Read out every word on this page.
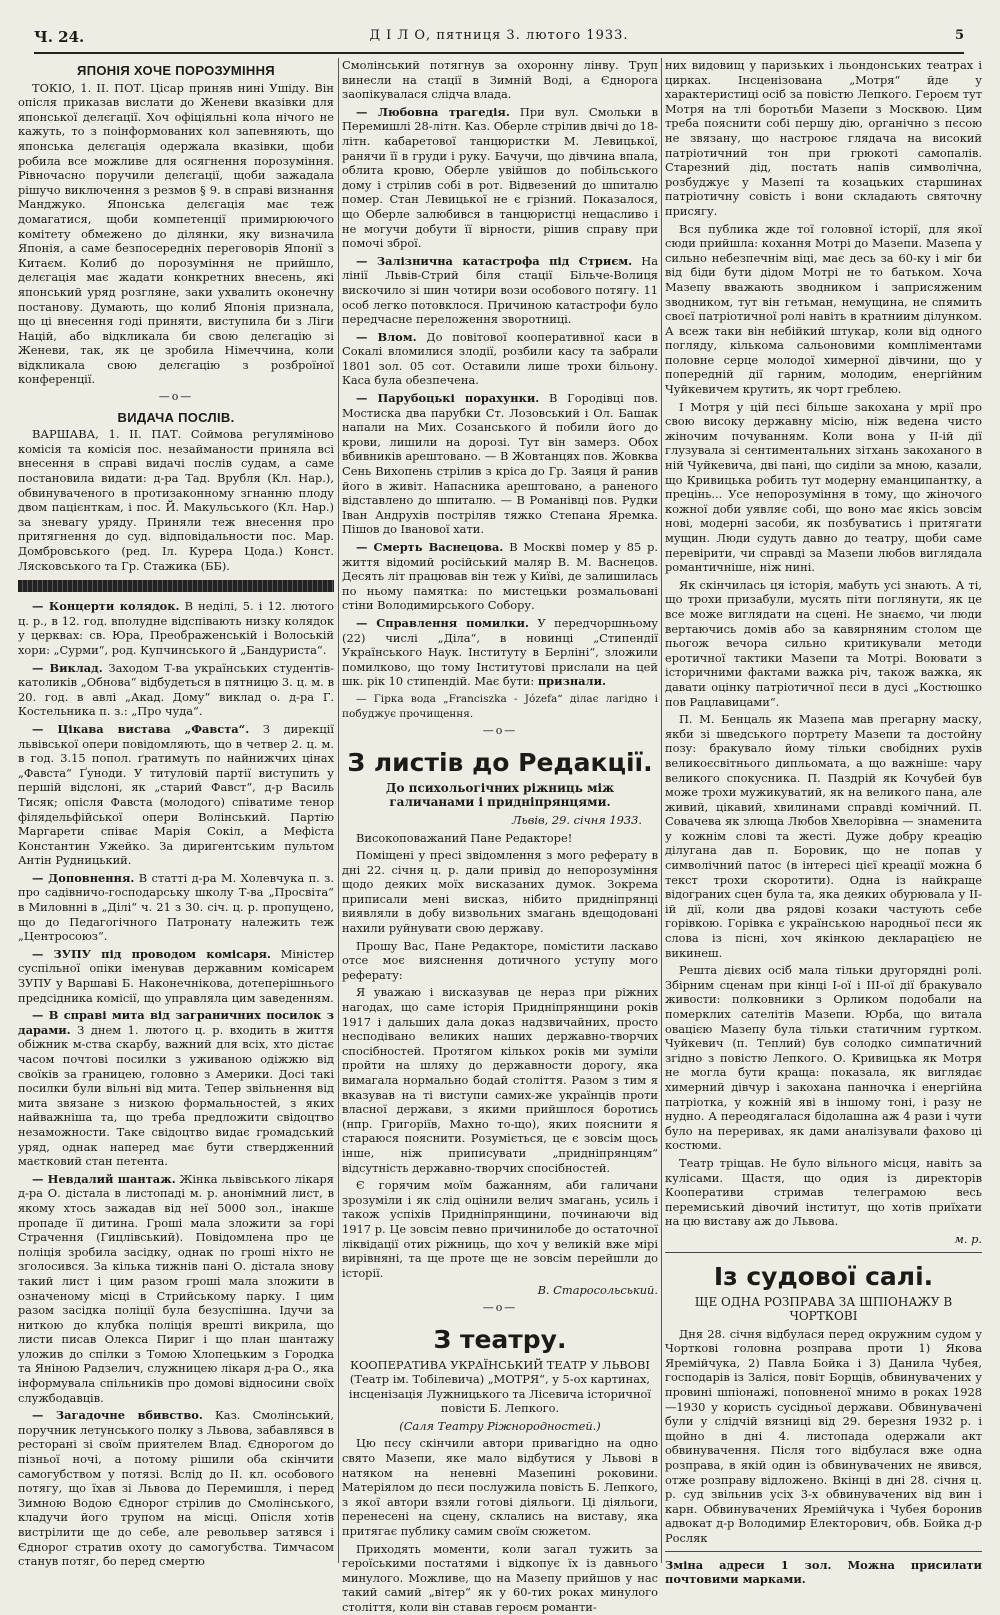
Ч. 24.	Д І Л О, пятниця 3. лютого 1933.	5
ЯПОНІЯ ХОЧЕ ПОРОЗУМІННЯ

ТОКІО, 1. ІІ. ПОТ. Цісар приняв нині Ушіду. Він опісля приказав вислати до Женеви вказівки для японської делєгації. Хоч офіціяльні кола нічого не кажуть, то з поінформованих кол запевняють, що японська делєгація одержала вказівки, щоби робила все можливе для осягнення порозуміння. Рівночасно поручили делєгації, щоби зажадала рішучо виключення з резмов § 9. в справі визнання Манджукo. Японська делєгація має теж домагатися, щоби компетенції примирюючого комітету обмежено до ділянки, яку визначила Японія, а саме безпосередніх переговорів Японії з Китаєм. Колиб до порозуміння не прийшло, делєгація має жадати конкретних внесень, які японський уряд розгляне, заки ухвалить оконечну постанову. Думають, що колиб Японія признала, що ці внесення годі приняти, виступила би з Ліги Націй, або відкликала би свою делєгацію зі Женеви, так, як це зробила Німеччина, коли відкликала свою делєгацію з розбрoїнoї конференції.

—о—
ВИДАЧА ПОСЛІВ.

ВАРШАВА, 1. ІІ. ПАТ. Соймова регуляміново комісія та комісія пос. незаймaности приняла всі внесення в справі видачі послів судам, а саме постановила видати: д-ра Тад. Врубля (Кл. Нар.), обвинуваченого в протизаконному згнанню плоду двом пацієнткам, і пос. Й. Макульського (Кл. Нар.) за зневагу уряду. Приняли теж внесення про притягнення до суд. відповідальности пос. Мар. Домбровського (ред. Іл. Курера Цода.) Конст. Лясковського та Гр. Стажика (ББ).

— Концерти колядок. В неділі, 5. і 12. лютого ц. р., в 12. год. вполудне відспівають низку колядок у церквах: св. Юра, Преображенській і Волоській хори: „Сурми“, род. Купчинського й „Бандуриста“.

— Виклад. Заходом Т-ва українських студентів-католиків „Обнова“ відбудеться в пятницю 3. ц. м. в 20. год. в авлі „Акад. Дому“ виклад о. д-ра Г. Костельника п. з.: „Про чуда“.

— Цікава вистава „Фавста“. З дирекції львівської опери повідомляють, що в четвер 2. ц. м. в год. 3.15 попол. ґратимуть по найнижчих цінах „Фавста“ Ґуноди. У титуловій партії виступить у першій відслоні, як „старий Фавст“, д-р Василь Тисяк; опісля Фавста (молодого) співатиме тенор філядельфійської опери Волінський. Партію Маргарети співає Марія Сокіл, а Мефіста Константин Ужейко. За диригентським пультом Антін Рудницький.

— Доповнення. В статті д-ра М. Холевчука п. з. про садівничо-господарську школу Т-ва „Просвіта“ в Миловнні в „Ділі“ ч. 21 з 30. січ. ц. р. пропущено, що до Педагогічного Патронату належить теж „Центросоюз“.

— ЗУПУ під проводом комісаря. Міністер суспільної опіки іменував державним комісарем ЗУПУ у Варшаві Б. Наконечнікова, дотеперішнього предсідника комісії, що управляла цим заведенням.

— В справі мита від заграничних посилок з дарами. З днем 1. лютого ц. р. входить в життя обіжник м-ства скарбу, важний для всіх, хто дістає часом почтові посилки з уживаною одіжжю від своїків за границею, головно з Америки. Досі такі посилки були вільні від мита. Тепер звільнення від мита звязане з низкою формальностей, з яких найважніша та, що треба предложити свідоцтво незаможности. Таке свідоцтво видає громадський уряд, однак наперед має бути ствердженний маєтковий стан петента.

— Невдалий шантаж. Жінка львівського лікаря д-ра О. дістала в листопаді м. р. анонімний лист, в якому хтось зажадав від неї 5000 зол., інакше пропаде її дитина. Гроші мала зложити за горі Страчення (Гицлівський). Повідомлена про це поліція зробила засідку, однак по гроші ніхто не зголосився. За кілька тижнів пані О. дістала знову такий лист і цим разом гроші мала зложити в означеному місці в Стрийському парку. І цим разом засідка поліції була безуспішна. Ідучи за ниткою до клубка поліція врешті викрила, що листи писав Олекса Пириг і що план шантажу уложив до спілки з Томою Хлопецьким з Городка та Яніною Радзелич, служницею лікаря д-ра О., яка інформувала спільників про домові відносини своїх службодавців.

— Загадочне вбивство. Каз. Смолінський, поручник летунського полку з Львова, забавлявся в ресторані зі своїм приятелем Влад. Єднорогом до пізньої ночі, а потому рішили оба скінчити самогубством у потязі. Вслід до ІІ. кл. особового потягу, що їхав зі Львова до Перемишля, і перед Зимною Водою Єднорог стрілив до Смолінського, кладучи його трупом на місці. Опісля хотів вистрілити ще до себе, але револьвер затявся і Єднорог стратив охоту до самогубства. Тимчасом станув потяг, бо перед смертю

Смолінський потягнув за охоронну лінву. Труп винесли на стації в Зимній Воді, а Єднорога заопікувалася слідча влада.

— Любовна трагедія. При вул. Смольки в Перемишлі 28-літн. Каз. Оберле стрілив двічі до 18-літн. кабаретової танцюристки М. Левицької, ранячи її в груди і руку. Бачучи, що дівчина впала, облита кровю, Оберле увійшов до побільського дому і стрілив собі в рот. Відвезений до шпиталю помер. Стан Левицької не є грізний. Показалося, що Оберле залюбився в танцюристці нещасливо і не могучи добути її вірности, рішив справу при помочі зброї.

— Залізнична катастрофа під Стриєм. На лінії Львів-Стрий біля стації Більче-Волиця вискочило зі шин чотири вози особового потягу. 11 особ легко потовклося. Причиною катастрофи було передчасне переложення зворотниці.

— Влом. До повітової кооперативної каси в Сокалі вломилися злодії, розбили касу та забрали 1801 зол. 05 сот. Оставили лише трохи більону. Каса була обезпечена.

— Парубоцькі порахунки. В Городівці пов. Мостиска два парубки Ст. Лозовський і Ол. Башак напали на Мих. Созанського й побили його до крови, лишили на дорозі. Тут він замерз. Обох вбивників арештовано. — В Жовтанцях пов. Жовква Сень Вихопень стрілив з кріса до Гр. Заяця й ранив його в живіт. Напасника арештовано, а раненого відставлено до шпиталю. — В Романівці пов. Рудки Іван Андрухів постріляв тяжко Степана Яремка. Пішов до Іванової хати.

— Смерть Васнецова. В Москві помер у 85 р. життя відомий російський маляр В. М. Васнецов. Десять літ працював він теж у Київі, де залишилась по ньому памятка: по мистецьки розмальовані стіни Володимирського Собору.

— Справлення помилки. У передчоршньому (22) числі „Діла“, в новинці „Стипендії Українського Наук. Інституту в Берліні“, зложили помилково, що тому Інститутові прислали на цей шк. рік 10 стипендій. Має бути: признали.

— Гірка вода „Franciszka - Józefa“ ділає лагідно і побуджує прочищення.

—о—
З листів до Редакції.
До психольогічних ріжниць між галичанами і придніпрянцями.

Львів, 29. січня 1933.

Високоповажаний Пане Редакторе!

Поміщені у пресі звідомлення з мого реферату в дні 22. січня ц. р. дали привід до непорозуміння щодо деяких моїх висказаних думок. Зокрема приписали мені висказ, нібито придніпрянці виявляли в добу визвольних змагань вдещодовані нахили руйнувати свою державу.

Прошу Вас, Пане Редакторе, помістити ласкаво отсе моє вияснення дотичного уступу мого реферату:

Я уважаю і висказував це неpаз при ріжних нагодах, що саме історія Придніпрянщини років 1917 і дальших дала доказ надзвичайних, просто несподівано великих наших державно-творчих спосібностей. Протягом кількох років ми зуміли пройти на шляху до державности дорогу, яка вимагала нормально бодай століття. Разом з тим я вказував на ті виступи самих-же українців проти власної держави, з якими прийшлося боротись (нпр. Григоріїв, Махно то-що), яких пояснити я стараюся пояснити. Розуміється, це є зовсім щось інше, ніж приписувати „придніпрянцям“ відсутність державно-творчих спосібностей.

Є горячим моїм бажанням, аби галичани зрозуміли і як слід оцінили велич змагань, усиль і також успіхів Придніпрянщини, починаючи від 1917 р. Це зовсім певно причинилобе до остаточної ліквідації отих ріжниць, що хоч у великій вже мірі вирівняні, та ще проте ще не зовсім перейшли до історії.

В. Старосольський.

—о—
З театру.

КООПЕРАТИВА УКРАЇНСЬКИЙ ТЕАТР У ЛЬВОВІ (Театр ім. Тобілевича) „МОТРЯ“, у 5-ох картинах, інсценізація Лужницького та Лісевича історичної повісти Б. Лепкого.

(Саля Театру Ріжнородностей.)

Цю пєсу скінчили автори привагідно на одно свято Мазепи, яке мало відбутися у Львові в натяком на неневні Мазепині роковини. Матеріялом до пєси послужила повість Б. Лепкого, з якої автори взяли готові діяльоги. Ці діяльоги, перенесені на сцену, склались на виставу, яка притягає публику самим своїм сюжетом.

Приходять моменти, коли загал тужить за героїськими постатями і відкопує їх із давнього минулого. Можливе, що на Мазепу прийшов у нас такий самий „вітер“ як у 60-тих роках минулого століття, коли він ставав героєм романти-

них видовищ у паризьких і льондонських театрах і цирках. Інсценізована „Мотря“ йде у характеристиці осіб за повістю Лепкого. Героєм тут Мотря на тлі боротьби Мазепи з Москвою. Цим треба пояснити собі першу дію, органічно з пєсою не звязану, що настроює глядача на високий патріотичний тон при грюкоті самопалів. Старезний дід, постать напів символічна, розбуджує у Мазепі та козацьких старшинах патріотичну совість і вони складають святочну присягу.

Вся публика жде тої головної історії, для якої сюди прийшла: кохання Мотрі до Мазепи. Мазепа у сильно небезпечнім віці, має десь за 60-ку і міг би від біди бути дідом Мотрі не то батьком. Хоча Мазепу вважають зводником і заприсяженим зводником, тут він гетьман, немущина, не спямить своєї патріотичної ролі навіть в кратниим ділунком. А всеж таки він небійкий штукар, коли від одного погляду, кількома сальоновими компліментами половне серце молодої химерної дівчини, що у попередній дії гарним, молодим, енергійним Чуйкевичем крутить, як чорт греблею.

І Мотря у цій пєсі більше закохана у мрії про свою високу державну місію, ніж ведена чисто жіночим почуванням. Коли вона у ІІ-ій дії глузувала зі сентиментальних зітхань закоханого в ній Чуйкевича, дві пані, що сиділи за мною, казали, що Кривицька робить тут модерну еманципантку, а прецінь... Усе непорозуміння в тому, що жіночого кожної доби уявляє собі, що воно має якісь зовсім нові, модерні засоби, як позбуватись і притягати мущин. Люди судуть давно до театру, щоби саме перевірити, чи справді за Мазепи любов виглядала романтичніше, ніж нині.

Як скінчилась ця історія, мабуть усі знають. А ті, що трохи призабули, мусять піти поглянути, як це все може виглядати на сцені. Не знаємо, чи люди вертаючись домів або за кавярняним столом ще пьогож вечора сильно критикували методи еротичної тактики Мазепи та Мотрі. Воювати з історичними фактами важка річ, також важка, як давати оцінку патріотичної пєси в дусі „Костюшко пов Рацлавицами“.

П. М. Бенцаль як Мазепа мав прегарну маску, якби зі шведського портрету Мазепи та достойну позу: бракувало йому тільки свобідних рухів великоєсвітнього дипльомата, а що важніше: чару великого спокусника. П. Паздрій як Кочубей був може трохи мужикуватий, як на великого пана, але живий, цікавий, хвилинами справді комічний. П. Совачева як злюща Любов Хвелорівна — знаменита у кожнім слові та жесті. Дуже добру креацію ділугана дав п. Боровик, що не попав у символічний патос (в інтересі цієї креації можна б текст трохи скоротити). Одна із найкраще відограних сцен була та, яка деяких обурювала у ІІ-ій дії, коли два рядові козаки частують себе горівкою. Горівка є українською народньої пєси як слова із пісні, хоч якінкою декларацією не викинеш.

Решта дієвих осіб мала тільки другорядні ролі. Збірним сценам при кінці І-ої і ІІІ-ої дії бракувало живости: полковники з Орликом подобали на померклих сателітів Мазепи. Юрба, що витала овацією Мазепу була тільки статичним гуртком. Чуйкевич (п. Теплий) був солодко симпатичний згідно з повістю Лепкого. О. Кривицька як Мотря не могла бути краща: показала, як виглядає химерний дівчур і закохана панночка і енергійна патріотка, у кожній яві в іншому тоні, і разу не нудно. А переодягалася бідолашна аж 4 рази і чути було на переривах, як дами аналізували фахово ці костюми.

Театр тріщав. Не було вільного місця, навіть за кулісами. Щастя, що одия із директорів Кооперативи стримав телеграмою весь перемиський дівочий інститут, що хотів приїхати на цю виставу аж до Львова.

м. р.

Із судової салі.
ЩЕ ОДНА РОЗПРАВА ЗА ШПІОНАЖУ В ЧОРТКОВІ

Дня 28. січня відбулася перед окружним судом у Чорткові головна розправа проти 1) Якова Яремійчука, 2) Павла Бойка і 3) Данила Чубея, господарів із Заліся, повіт Борщів, обвинувачених у провині шпіонажі, поповненої мнимо в роках 1928—1930 у користь сусідньої держави. Обвинувачені були у слідчій вязниці від 29. березня 1932 р. і щойно в дні 4. листопада одержали акт обвинувачення. Після того відбулася вже одна розправа, в якій один із обвинувачених не явився, отже розправу відложено. Вкінці в дні 28. січня ц. р. суд звільнив усіх 3-х обвинувачених від вин і карн. Обвинувачених Яремійчука і Чубея боронив адвокат д-р Володимир Електорович, обв. Бойка д-р Росляк

Зміна адреси 1 зол. Можна присилати почтовими марками.
